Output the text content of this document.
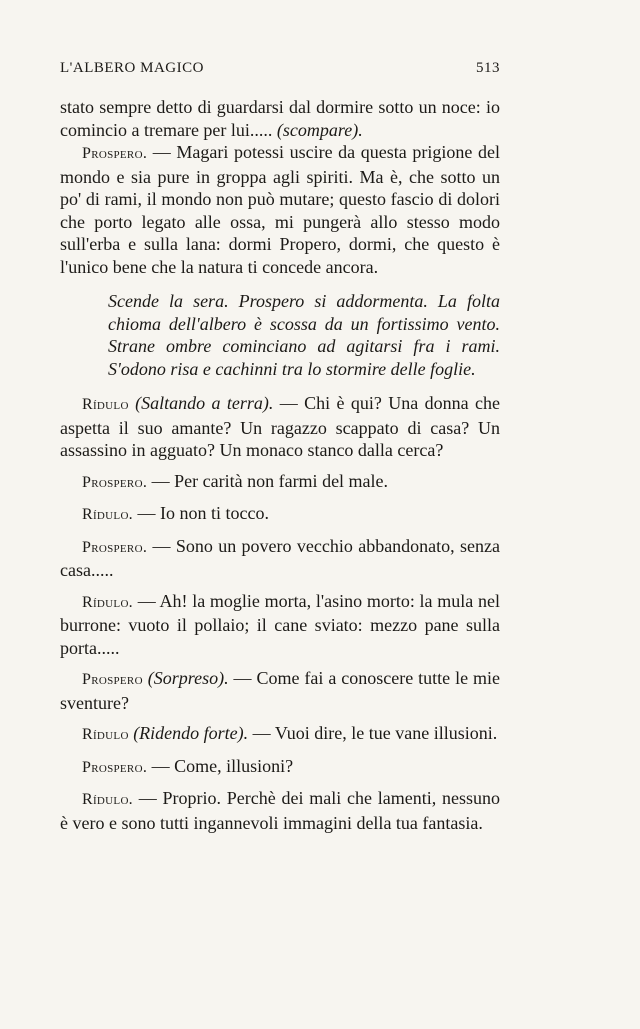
L'ALBERO MAGICO	513

stato sempre detto di guardarsi dal dormire sotto un noce: io comincio a tremare per lui..... (scompare).

Prospero. — Magari potessi uscire da questa prigione del mondo e sia pure in groppa agli spiriti. Ma è, che sotto un po' di rami, il mondo non può mutare; questo fascio di dolori che porto legato alle ossa, mi pungerà allo stesso modo sull'erba e sulla lana: dormi Propero, dormi, che questo è l'unico bene che la natura ti concede ancora.

Scende la sera. Prospero si addormenta. La folta chioma dell'albero è scossa da un fortissimo vento. Strane ombre cominciano ad agitarsi fra i rami. S'odono risa e cachinni tra lo stormire delle foglie.

Rídulo (Saltando a terra). — Chi è qui? Una donna che aspetta il suo amante? Un ragazzo scappato di casa? Un assassino in agguato? Un monaco stanco dalla cerca?

Prospero. — Per carità non farmi del male.

Rídulo. — Io non ti tocco.

Prospero. — Sono un povero vecchio abbandonato, senza casa.....

Rídulo. — Ah! la moglie morta, l'asino morto: la mula nel burrone: vuoto il pollaio; il cane sviato: mezzo pane sulla porta.....

Prospero (Sorpreso). — Come fai a conoscere tutte le mie sventure?

Rídulo (Ridendo forte). — Vuoi dire, le tue vane illusioni.

Prospero. — Come, illusioni?

Rídulo. — Proprio. Perchè dei mali che lamenti, nessuno è vero e sono tutti ingannevoli immagini della tua fantasia.
